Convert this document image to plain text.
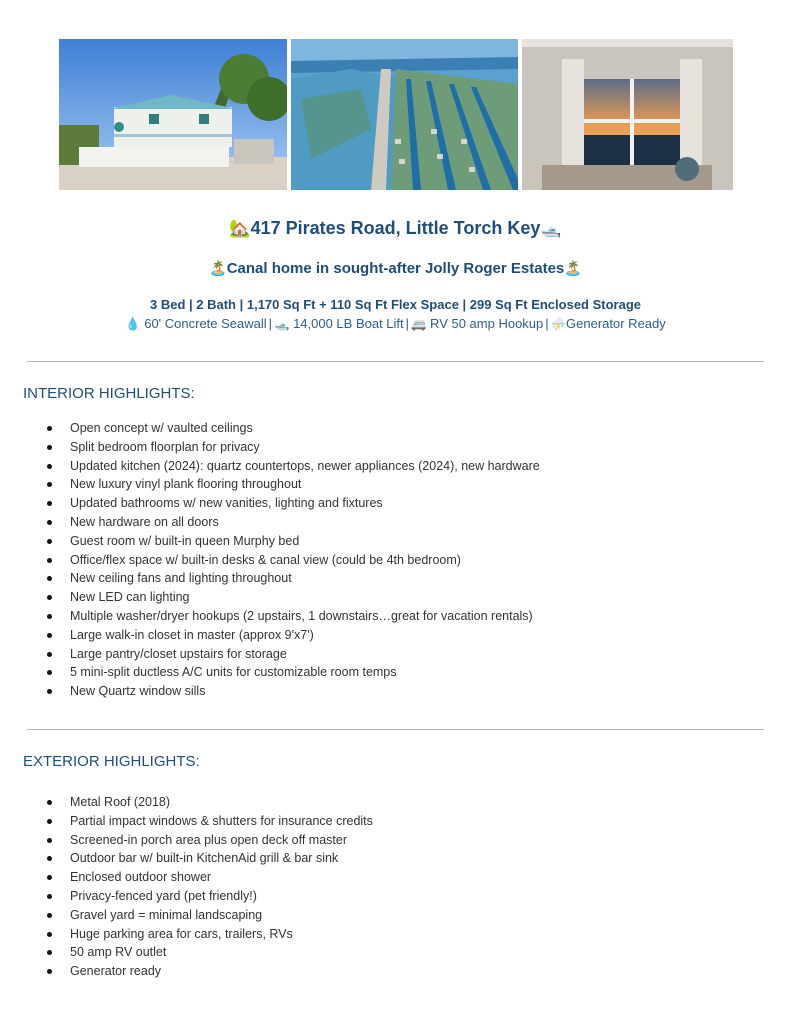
🏡417 Pirates Road, Little Torch Key🛥️
🏝️Canal home in sought-after Jolly Roger Estates🏝️
3 Bed | 2 Bath | 1,170 Sq Ft + 110 Sq Ft Flex Space | 299 Sq Ft Enclosed Storage
💧 60' Concrete Seawall | 🛥️ 14,000 LB Boat Lift | 🚐 RV 50 amp Hookup | ⛈️Generator Ready
INTERIOR HIGHLIGHTS:
Open concept w/ vaulted ceilings
Split bedroom floorplan for privacy
Updated kitchen (2024): quartz countertops, newer appliances (2024), new hardware
New luxury vinyl plank flooring throughout
Updated bathrooms w/ new vanities, lighting and fixtures
New hardware on all doors
Guest room w/ built-in queen Murphy bed
Office/flex space w/ built-in desks & canal view (could be 4th bedroom)
New ceiling fans and lighting throughout
New LED can lighting
Multiple washer/dryer hookups (2 upstairs, 1 downstairs…great for vacation rentals)
Large walk-in closet in master (approx 9'x7')
Large pantry/closet upstairs for storage
5 mini-split ductless A/C units for customizable room temps
New Quartz window sills
EXTERIOR HIGHLIGHTS:
Metal Roof (2018)
Partial impact windows & shutters for insurance credits
Screened-in porch area plus open deck off master
Outdoor bar w/ built-in KitchenAid grill & bar sink
Enclosed outdoor shower
Privacy-fenced yard (pet friendly!)
Gravel yard = minimal landscaping
Huge parking area for cars, trailers, RVs
50 amp RV outlet
Generator ready
